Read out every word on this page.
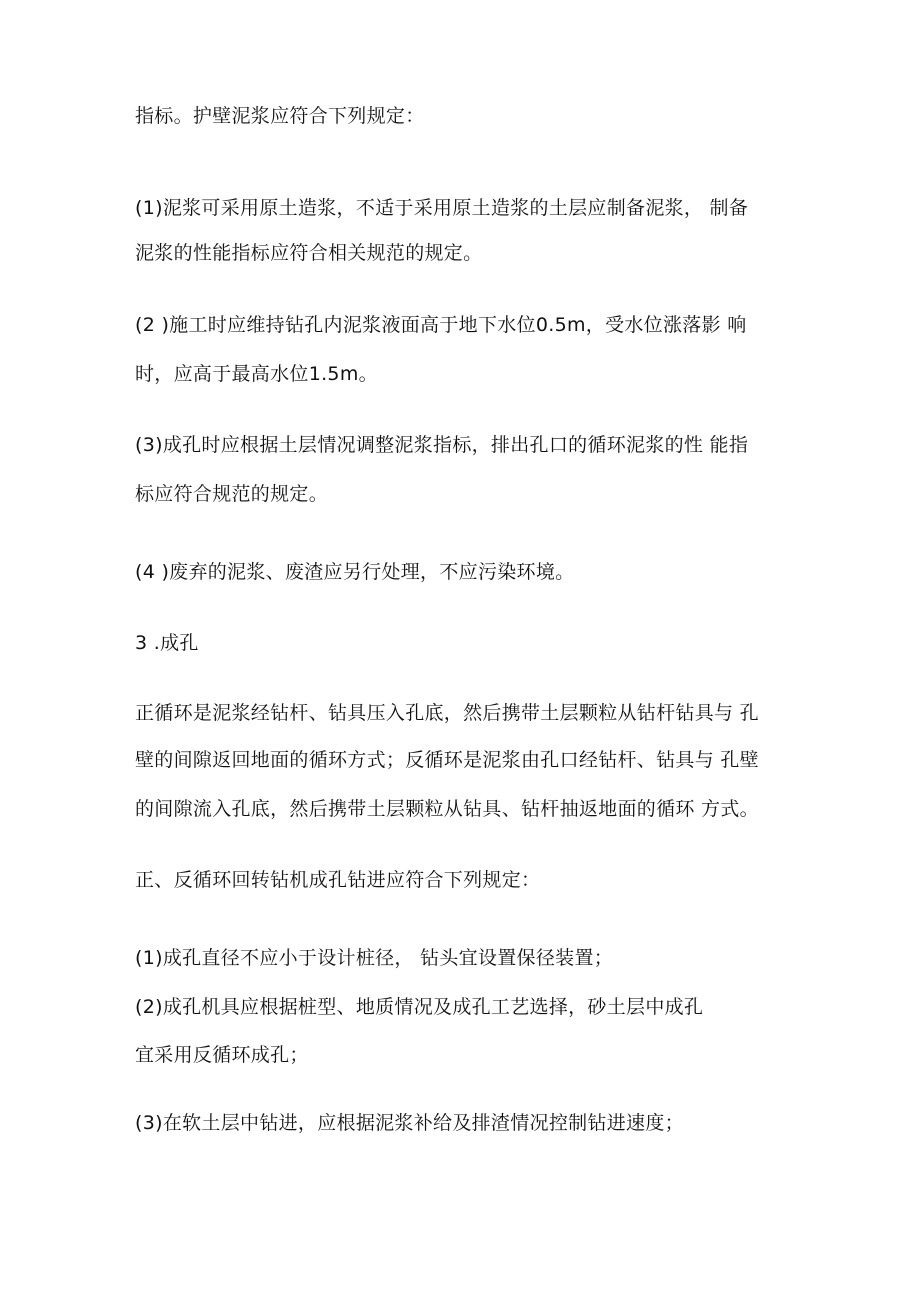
指标。护壁泥浆应符合下列规定：
(1)泥浆可采用原土造浆，不适于采用原土造浆的土层应制备泥浆， 制备
泥浆的性能指标应符合相关规范的规定。
(2 )施工时应维持钻孔内泥浆液面高于地下水位0.5m，受水位涨落影 响
时，应高于最高水位1.5m。
(3)成孔时应根据土层情况调整泥浆指标，排出孔口的循环泥浆的性 能指
标应符合规范的规定。
(4 )废弃的泥浆、废渣应另行处理，不应污染环境。
3 .成孔
正循环是泥浆经钻杆、钻具压入孔底，然后携带土层颗粒从钻杆钻具与 孔
壁的间隙返回地面的循环方式；反循环是泥浆由孔口经钻杆、钻具与 孔壁
的间隙流入孔底，然后携带土层颗粒从钻具、钻杆抽返地面的循环 方式。
正、反循环回转钻机成孔钻进应符合下列规定：
(1)成孔直径不应小于设计桩径， 钻头宜设置保径装置；
(2)成孔机具应根据桩型、地质情况及成孔工艺选择，砂土层中成孔
宜采用反循环成孔；
(3)在软土层中钻进，应根据泥浆补给及排渣情况控制钻进速度；
